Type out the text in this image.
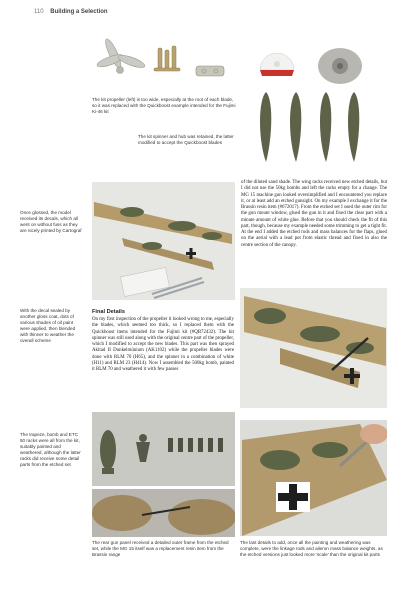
110 Building a Selection
The kit propeller (left) is too wide, especially at the root of each blade, so it was replaced with the Quickboost example intended for the Fujimi Ki-46 kit
The kit spinner and hub was retained, the latter modified to accept the Quickboost blades
Once glossed, the model received its decals, which all went on without fuss as they are nicely printed by Cartograf
With the decal sealed by another gloss coat, dots of various shades of oil paint were applied, then blended with thinner to weather the overall scheme
The trapeze, bomb and ETC 50 racks were all from the kit, suitably painted and weathered, although the latter racks did receive some detail parts from the etched set
of the diluted sand shade. The wing racks received new etched details, but I did not use the 50kg bombs and left the racks empty for a change. The MG 15 machine gun looked oversimplified and I encountered you replace it, or at least add an etched gunsight. On my example I exchange it for the Brassin resin item (#672017). From the etched set I used the outer rim for the gun mount window, glued the gun in it and fixed the clear part with a minute amount of white glue. Before that you should check the fit of this part, though, because my example needed some trimming to get a tight fit. At the end I added the etched rods and mass balances for the flaps, glued on the aerial with a lead pot from elastic thread and fixed in also the centre section of the canopy.
Final Details
On my first inspection of the propeller it looked wrong to me, especially the blades, which seemed too thick, so I replaced them with the Quickboost items intended for the Fujimi kit (#QB72432). The kit spinner was still used along with the original centre part of the propeller, which I modified to accept the new blades. This part was then sprayed Akitad II Dunkelmünium (AK1102) while the propeller blades were done with RLM 70 (H65), and the spinner in a combination of white (H11) and RLM 23 (H414). Now I assembled the 500kg bomb, painted it RLM 70 and weathered it with few passes
The rear gun panel received a detailed outer frame from the etched set, while the MG 15 itself was a replacement resin item from the Brassin range
The last details to add, once all the painting and weathering was complete, were the linkage rods and aileron mass balance weights, as the etched versions just looked more 'scale' than the original kit parts
